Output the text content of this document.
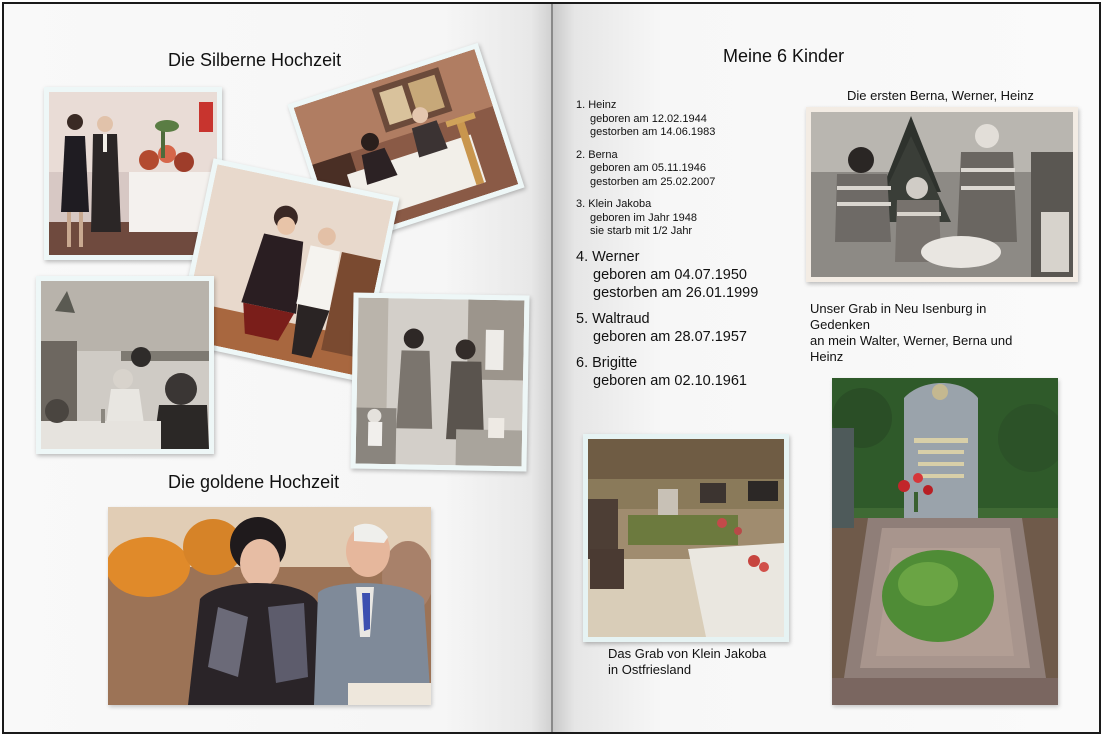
Die Silberne Hochzeit
Die goldene Hochzeit
Meine 6 Kinder
1. Heinz
geboren am 12.02.1944
gestorben am 14.06.1983
2. Berna
geboren am 05.11.1946
gestorben am 25.02.2007
3. Klein Jakoba
geboren im Jahr 1948
sie starb mit 1/2 Jahr
4. Werner
geboren am 04.07.1950
gestorben am 26.01.1999
5. Waltraud
geboren am 28.07.1957
6. Brigitte
geboren am 02.10.1961
Die ersten Berna, Werner, Heinz
Unser Grab in Neu Isenburg in
Gedenken
an mein Walter, Werner, Berna und
Heinz
Das Grab von Klein Jakoba
in Ostfriesland
